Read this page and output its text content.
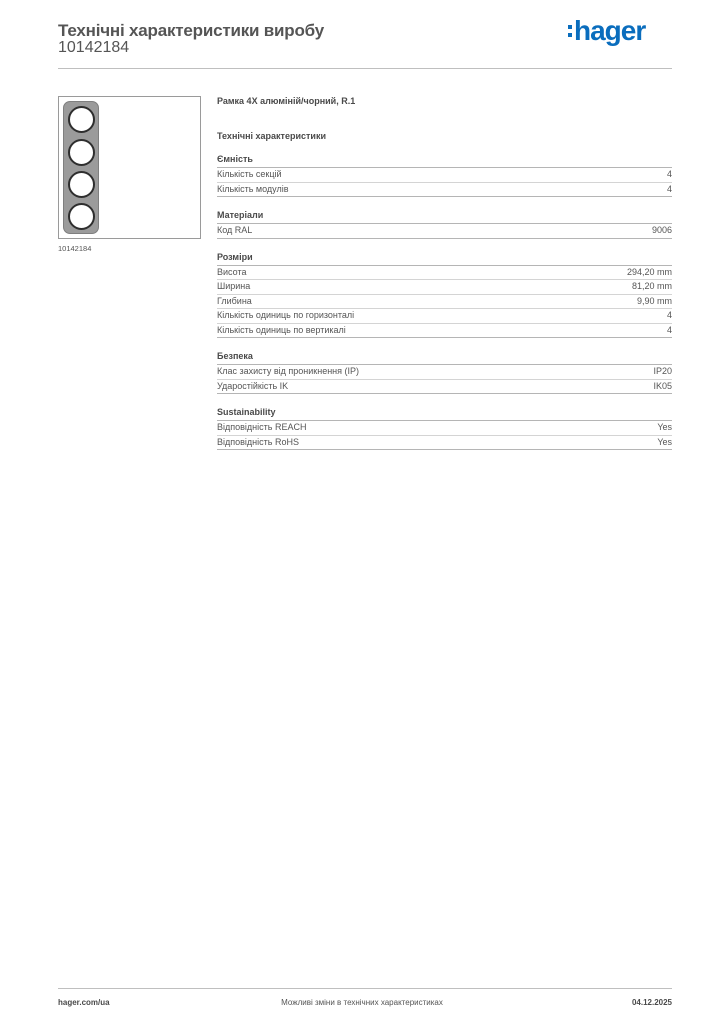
Технічні характеристики виробу
10142184
hager
10142184
Рамка 4X алюміній/чорний, R.1
Технічні характеристики
Ємність
Кількість секцій	4
Кількість модулів	4
Матеріали
Код RAL	9006
Розміри
Висота	294,20 mm
Ширина	81,20 mm
Глибина	9,90 mm
Кількість одиниць по горизонталі	4
Кількість одиниць по вертикалі	4
Безпека
Клас захисту від проникнення (IP)	IP20
Ударостійкість IK	IK05
Sustainability
Відповідність REACH	Yes
Відповідність RoHS	Yes
hager.com/ua	Можливі зміни в технічних характеристиках	04.12.2025
